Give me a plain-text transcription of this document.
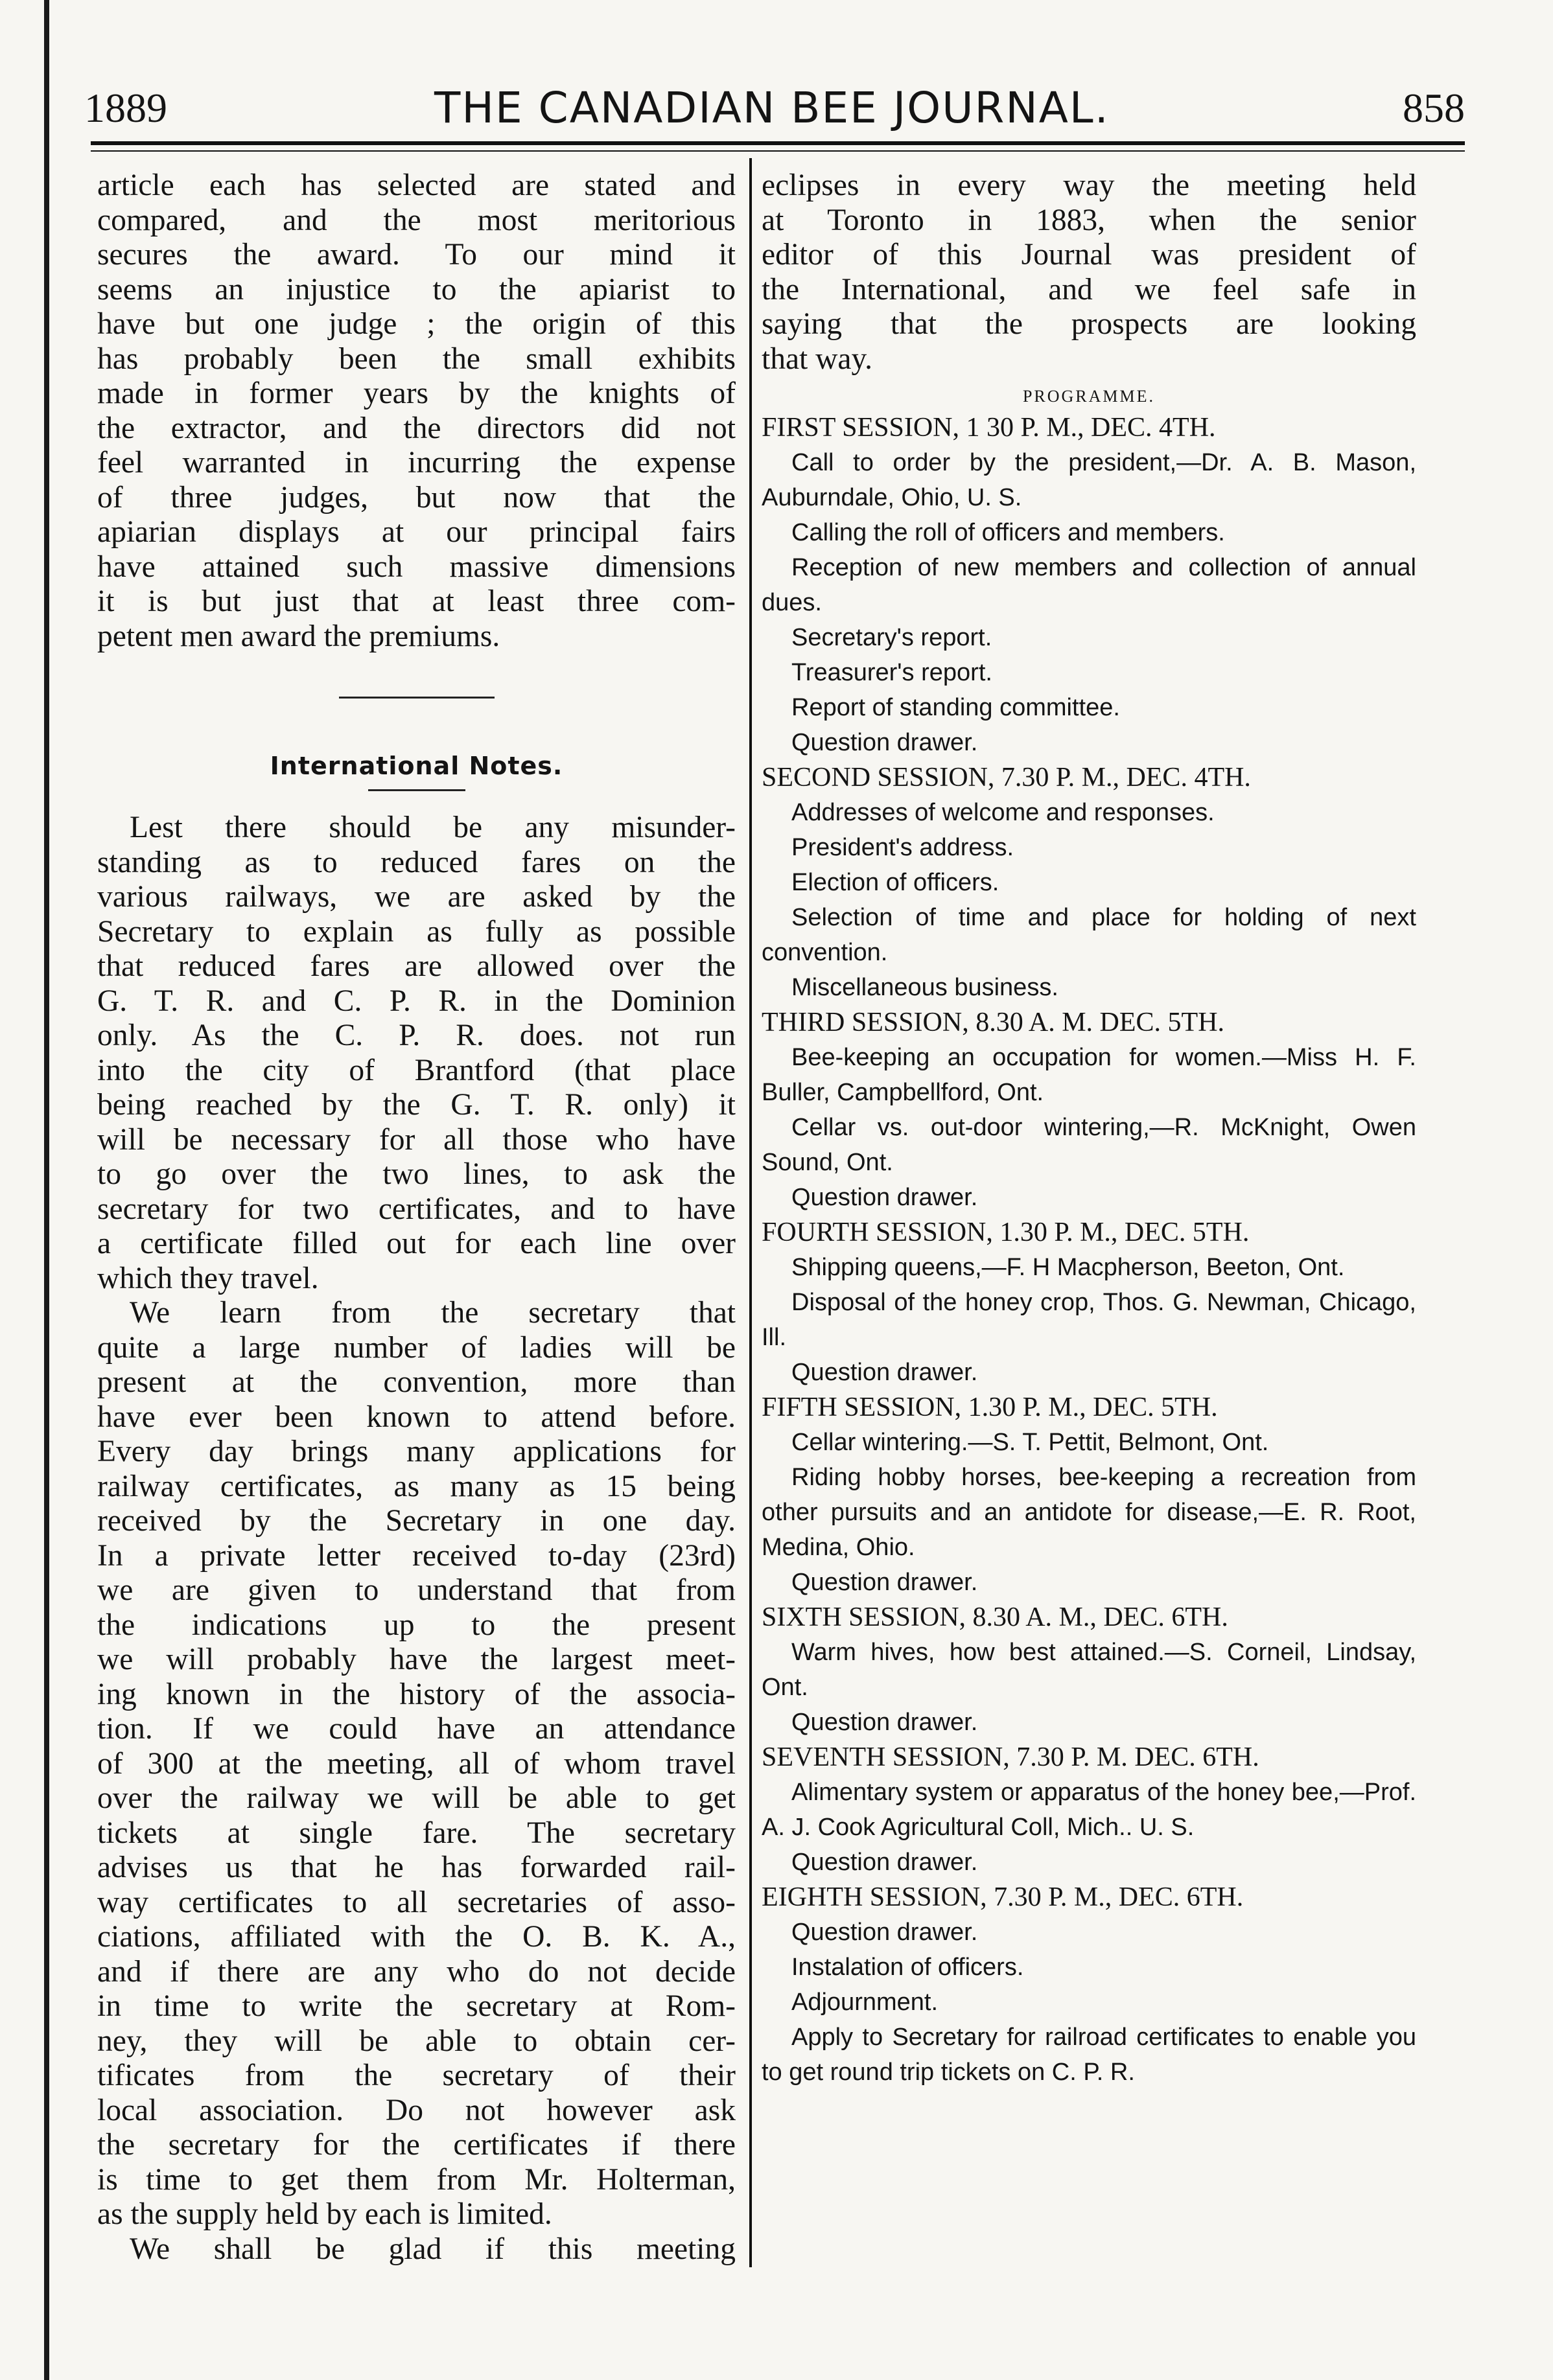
1889	THE CANADIAN BEE JOURNAL.	858

article each has selected are stated and

compared, and the most meritorious

secures the award. To our mind it

seems an injustice to the apiarist to

have but one judge ; the origin of this

has probably been the small exhibits

made in former years by the knights of

the extractor, and the directors did not

feel warranted in incurring the expense

of three judges, but now that the

apiarian displays at our principal fairs

have attained such massive dimensions

it is but just that at least three com-

petent men award the premiums.

International Notes.

Lest there should be any misunder-

standing as to reduced fares on the

various railways, we are asked by the

Secretary to explain as fully as possible

that reduced fares are allowed over the

G. T. R. and C. P. R. in the Dominion

only. As the C. P. R. does. not run

into the city of Brantford (that place

being reached by the G. T. R. only) it

will be necessary for all those who have

to go over the two lines, to ask the

secretary for two certificates, and to have

a certificate filled out for each line over

which they travel.

We learn from the secretary that

quite a large number of ladies will be

present at the convention, more than

have ever been known to attend before.

Every day brings many applications for

railway certificates, as many as 15 being

received by the Secretary in one day.

In a private letter received to-day (23rd)

we are given to understand that from

the indications up to the present

we will probably have the largest meet-

ing known in the history of the associa-

tion. If we could have an attendance

of 300 at the meeting, all of whom travel

over the railway we will be able to get

tickets at single fare. The secretary

advises us that he has forwarded rail-

way certificates to all secretaries of asso-

ciations, affiliated with the O. B. K. A.,

and if there are any who do not decide

in time to write the secretary at Rom-

ney, they will be able to obtain cer-

tificates from the secretary of their

local association. Do not however ask

the secretary for the certificates if there

is time to get them from Mr. Holterman,

as the supply held by each is limited.

We shall be glad if this meeting

eclipses in every way the meeting held

at Toronto in 1883, when the senior

editor of this Journal was president of

the International, and we feel safe in

saying that the prospects are looking

that way.

PROGRAMME.

FIRST SESSION, 1 30 P. M., DEC. 4TH.

Call to order by the president,—Dr. A. B. Mason, Auburndale, Ohio, U. S.

Calling the roll of officers and members.

Reception of new members and collection of annual dues.

Secretary's report.

Treasurer's report.

Report of standing committee.

Question drawer.

SECOND SESSION, 7.30 P. M., DEC. 4TH.

Addresses of welcome and responses.

President's address.

Election of officers.

Selection of time and place for holding of next convention.

Miscellaneous business.

THIRD SESSION, 8.30 A. M. DEC. 5TH.

Bee-keeping an occupation for women.—Miss H. F. Buller, Campbellford, Ont.

Cellar vs. out-door wintering,—R. McKnight, Owen Sound, Ont.

Question drawer.

FOURTH SESSION, 1.30 P. M., DEC. 5TH.

Shipping queens,—F. H Macpherson, Beeton, Ont.

Disposal of the honey crop, Thos. G. Newman, Chicago, Ill.

Question drawer.

FIFTH SESSION, 1.30 P. M., DEC. 5TH.

Cellar wintering.—S. T. Pettit, Belmont, Ont.

Riding hobby horses, bee-keeping a recreation from other pursuits and an antidote for disease,—E. R. Root, Medina, Ohio.

Question drawer.

SIXTH SESSION, 8.30 A. M., DEC. 6TH.

Warm hives, how best attained.—S. Corneil, Lindsay, Ont.

Question drawer.

SEVENTH SESSION, 7.30 P. M. DEC. 6TH.

Alimentary system or apparatus of the honey bee,—Prof. A. J. Cook Agricultural Coll, Mich.. U. S.

Question drawer.

EIGHTH SESSION, 7.30 P. M., DEC. 6TH.

Question drawer.

Instalation of officers.

Adjournment.

Apply to Secretary for railroad certificates to enable you to get round trip tickets on C. P. R.
